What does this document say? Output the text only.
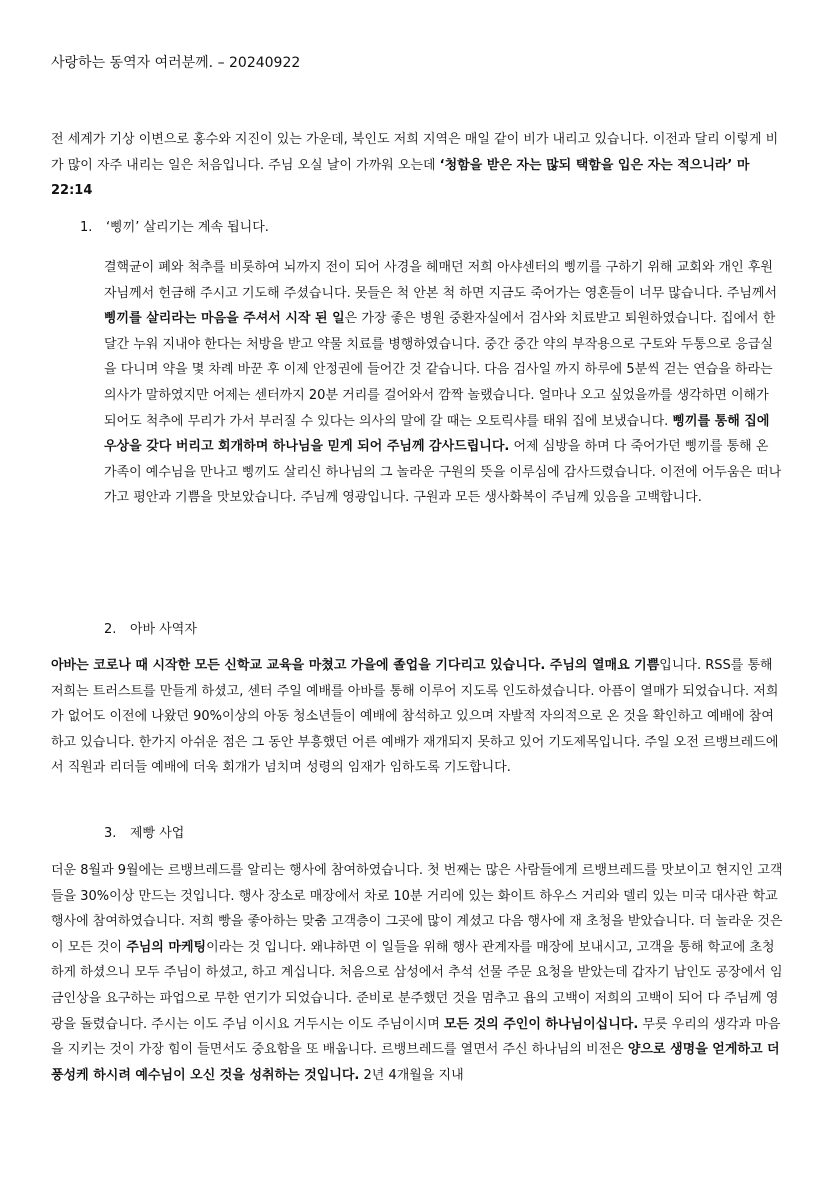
사랑하는 동역자 여러분께. – 20240922

전 세계가 기상 이변으로 홍수와 지진이 있는 가운데, 북인도 저희 지역은 매일 같이 비가 내리고 있습니다. 이전과 달리 이렇게 비가 많이 자주 내리는 일은 처음입니다. 주님 오실 날이 가까워 오는데 ‘청함을 받은 자는 많되 택함을 입은 자는 적으니라’ 마22:14

1. ‘삥끼’ 살리기는 계속 됩니다.

결핵균이 폐와 척추를 비롯하여 뇌까지 전이 되어 사경을 헤매던 저희 아샤센터의 삥끼를 구하기 위해 교회와 개인 후원자님께서 헌금해 주시고 기도해 주셨습니다. 못들은 척 안본 척 하면 지금도 죽어가는 영혼들이 너무 많습니다. 주님께서 삥끼를 살리라는 마음을 주셔서 시작 된 일은 가장 좋은 병원 중환자실에서 검사와 치료받고 퇴원하였습니다. 집에서 한 달간 누워 지내야 한다는 처방을 받고 약물 치료를 병행하였습니다. 중간 중간 약의 부작용으로 구토와 두통으로 응급실을 다니며 약을 몇 차례 바꾼 후 이제 안정권에 들어간 것 같습니다. 다음 검사일 까지 하루에 5분씩 걷는 연습을 하라는 의사가 말하였지만 어제는 센터까지 20분 거리를 걸어와서 깜짝 놀랬습니다. 얼마나 오고 싶었을까를 생각하면 이해가 되어도 척추에 무리가 가서 부러질 수 있다는 의사의 말에 갈 때는 오토릭샤를 태워 집에 보냈습니다. 삥끼를 통해 집에 우상을 갖다 버리고 회개하며 하나님을 믿게 되어 주님께 감사드립니다. 어제 심방을 하며 다 죽어가던 삥끼를 통해 온 가족이 예수님을 만나고 삥끼도 살리신 하나님의 그 놀라운 구원의 뜻을 이루심에 감사드렸습니다. 이전에 어두움은 떠나가고 평안과 기쁨을 맛보았습니다. 주님께 영광입니다. 구원과 모든 생사화복이 주님께 있음을 고백합니다.

2. 아바 사역자

아바는 코로나 때 시작한 모든 신학교 교육을 마쳤고 가을에 졸업을 기다리고 있습니다. 주님의 열매요 기쁨입니다. RSS를 통해 저희는 트러스트를 만들게 하셨고, 센터 주일 예배를 아바를 통해 이루어 지도록 인도하셨습니다. 아픔이 열매가 되었습니다. 저희가 없어도 이전에 나왔던 90%이상의 아동 청소년들이 예배에 참석하고 있으며 자발적 자의적으로 온 것을 확인하고 예배에 참여하고 있습니다. 한가지 아쉬운 점은 그 동안 부흥했던 어른 예배가 재개되지 못하고 있어 기도제목입니다. 주일 오전 르뱅브레드에서 직원과 리더들 예배에 더욱 회개가 넘치며 성령의 임재가 임하도록 기도합니다.

3. 제빵 사업

더운 8월과 9월에는 르뱅브레드를 알리는 행사에 참여하였습니다. 첫 번째는 많은 사람들에게 르뱅브레드를 맛보이고 현지인 고객들을 30%이상 만드는 것입니다. 행사 장소로 매장에서 차로 10분 거리에 있는 화이트 하우스 거리와 델리 있는 미국 대사관 학교 행사에 참여하였습니다. 저희 빵을 좋아하는 맞춤 고객층이 그곳에 많이 계셨고 다음 행사에 재 초청을 받았습니다. 더 놀라운 것은 이 모든 것이 주님의 마케팅이라는 것 입니다. 왜냐하면 이 일들을 위해 행사 관계자를 매장에 보내시고, 고객을 통해 학교에 초청하게 하셨으니 모두 주님이 하셨고, 하고 계십니다. 처음으로 삼성에서 추석 선물 주문 요청을 받았는데 갑자기 남인도 공장에서 임금인상을 요구하는 파업으로 무한 연기가 되었습니다. 준비로 분주했던 것을 멈추고 욥의 고백이 저희의 고백이 되어 다 주님께 영광을 돌렸습니다. 주시는 이도 주님 이시요 거두시는 이도 주님이시며 모든 것의 주인이 하나님이십니다. 무릇 우리의 생각과 마음을 지키는 것이 가장 힘이 들면서도 중요함을 또 배웁니다. 르뱅브레드를 열면서 주신 하나님의 비전은 양으로 생명을 얻게하고 더 풍성케 하시려 예수님이 오신 것을 성취하는 것입니다. 2년 4개월을 지내
